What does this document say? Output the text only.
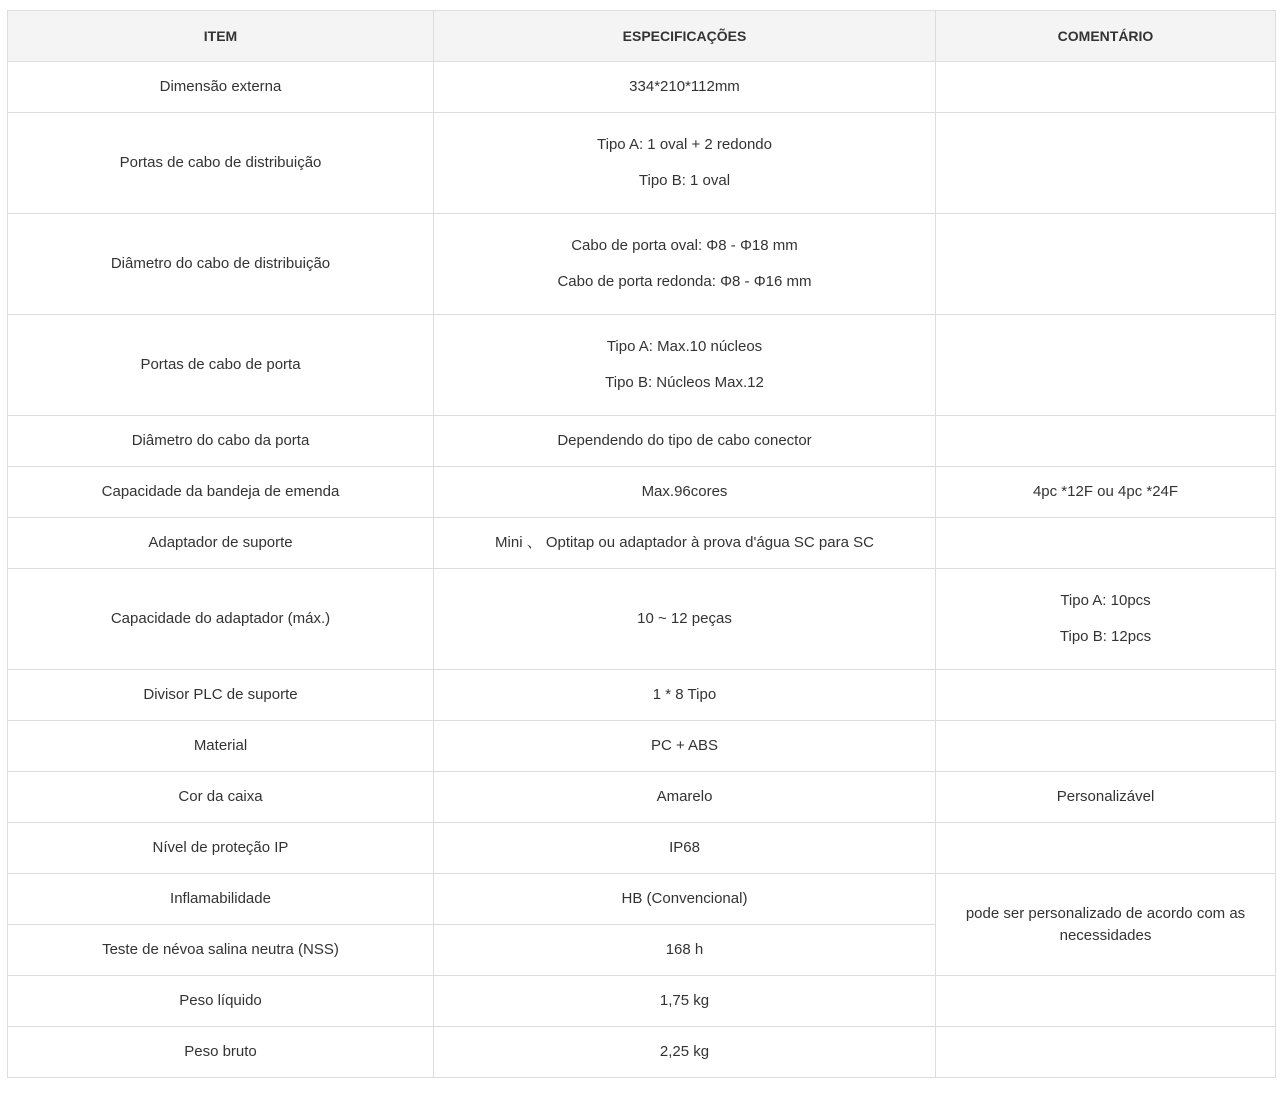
ITEM	ESPECIFICAÇÕES	COMENTÁRIO
Dimensão externa	334*210*112mm	

Portas de cabo de distribuição	Tipo A: 1 oval + 2 redondo
Tipo B: 1 oval	

Diâmetro do cabo de distribuição	Cabo de porta oval: Φ8 - Φ18 mm
Cabo de porta redonda: Φ8 - Φ16 mm	

Portas de cabo de porta	Tipo A: Max.10 núcleos
Tipo B: Núcleos Max.12	

Diâmetro do cabo da porta	Dependendo do tipo de cabo conector	

Capacidade da bandeja de emenda	Max.96cores	4pc *12F ou 4pc *24F

Adaptador de suporte	Mini 、 Optitap ou adaptador à prova d'água SC para SC	

Capacidade do adaptador (máx.)	10 ~ 12 peças	Tipo A: 10pcs
Tipo B: 12pcs

Divisor PLC de suporte	1 * 8 Tipo	

Material	PC + ABS	

Cor da caixa	Amarelo	Personalizável

Nível de proteção IP	IP68	

Inflamabilidade	HB (Convencional)	pode ser personalizado de acordo com as necessidades
Teste de névoa salina neutra (NSS)	168 h	

Peso líquido	1,75 kg	

Peso bruto	2,25 kg	
